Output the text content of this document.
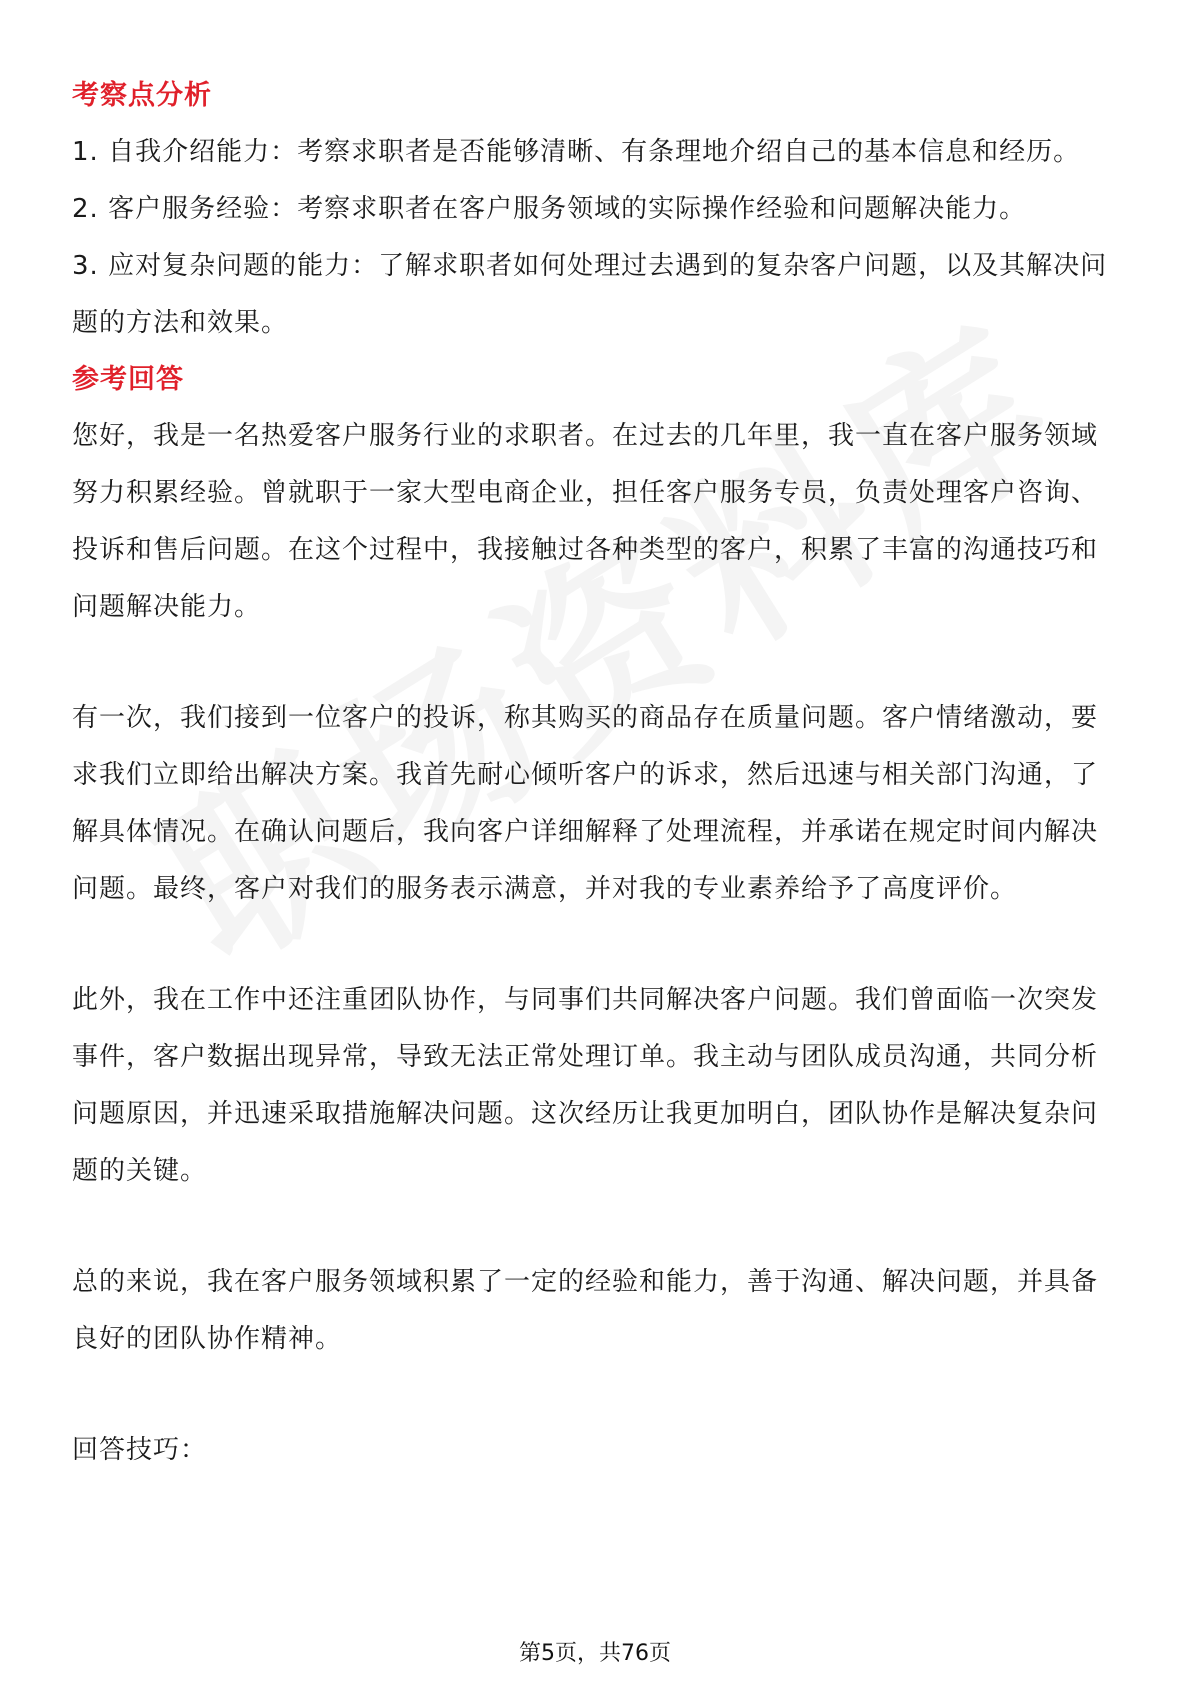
考察点分析

1. 自我介绍能力：考察求职者是否能够清晰、有条理地介绍自己的基本信息和经历。

2. 客户服务经验：考察求职者在客户服务领域的实际操作经验和问题解决能力。

3. 应对复杂问题的能力：了解求职者如何处理过去遇到的复杂客户问题，以及其解决问题的方法和效果。

参考回答

您好，我是一名热爱客户服务行业的求职者。在过去的几年里，我一直在客户服务领域努力积累经验。曾就职于一家大型电商企业，担任客户服务专员，负责处理客户咨询、投诉和售后问题。在这个过程中，我接触过各种类型的客户，积累了丰富的沟通技巧和问题解决能力。

有一次，我们接到一位客户的投诉，称其购买的商品存在质量问题。客户情绪激动，要求我们立即给出解决方案。我首先耐心倾听客户的诉求，然后迅速与相关部门沟通，了解具体情况。在确认问题后，我向客户详细解释了处理流程，并承诺在规定时间内解决问题。最终，客户对我们的服务表示满意，并对我的专业素养给予了高度评价。

此外，我在工作中还注重团队协作，与同事们共同解决客户问题。我们曾面临一次突发事件，客户数据出现异常，导致无法正常处理订单。我主动与团队成员沟通，共同分析问题原因，并迅速采取措施解决问题。这次经历让我更加明白，团队协作是解决复杂问题的关键。

总的来说，我在客户服务领域积累了一定的经验和能力，善于沟通、解决问题，并具备良好的团队协作精神。

回答技巧：

第5页，共76页
